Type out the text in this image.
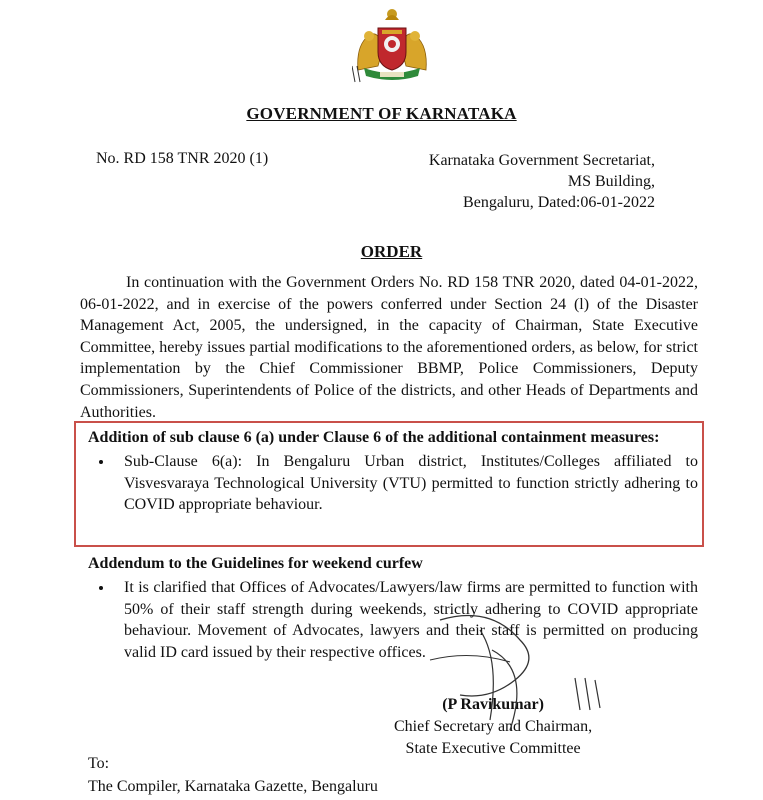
GOVERNMENT OF KARNATAKA
No. RD 158 TNR 2020 (1)	Karnataka Government Secretariat,
MS Building,
Bengaluru, Dated:06-01-2022
ORDER

In continuation with the Government Orders No. RD 158 TNR 2020, dated 04-01-2022, 06-01-2022, and in exercise of the powers conferred under Section 24 (l) of the Disaster Management Act, 2005, the undersigned, in the capacity of Chairman, State Executive Committee, hereby issues partial modifications to the aforementioned orders, as below, for strict implementation by the Chief Commissioner BBMP, Police Commissioners, Deputy Commissioners, Superintendents of Police of the districts, and other Heads of Departments and Authorities.

Addition of sub clause 6 (a) under Clause 6 of the additional containment measures:

• Sub-Clause 6(a): In Bengaluru Urban district, Institutes/Colleges affiliated to Visvesvaraya Technological University (VTU) permitted to function strictly adhering to COVID appropriate behaviour.

Addendum to the Guidelines for weekend curfew

• It is clarified that Offices of Advocates/Lawyers/law firms are permitted to function with 50% of their staff strength during weekends, strictly adhering to COVID appropriate behaviour. Movement of Advocates, lawyers and their staff is permitted on producing valid ID card issued by their respective offices.
(P Ravikumar)
Chief Secretary and Chairman,
State Executive Committee
To:
The Compiler, Karnataka Gazette, Bengaluru
